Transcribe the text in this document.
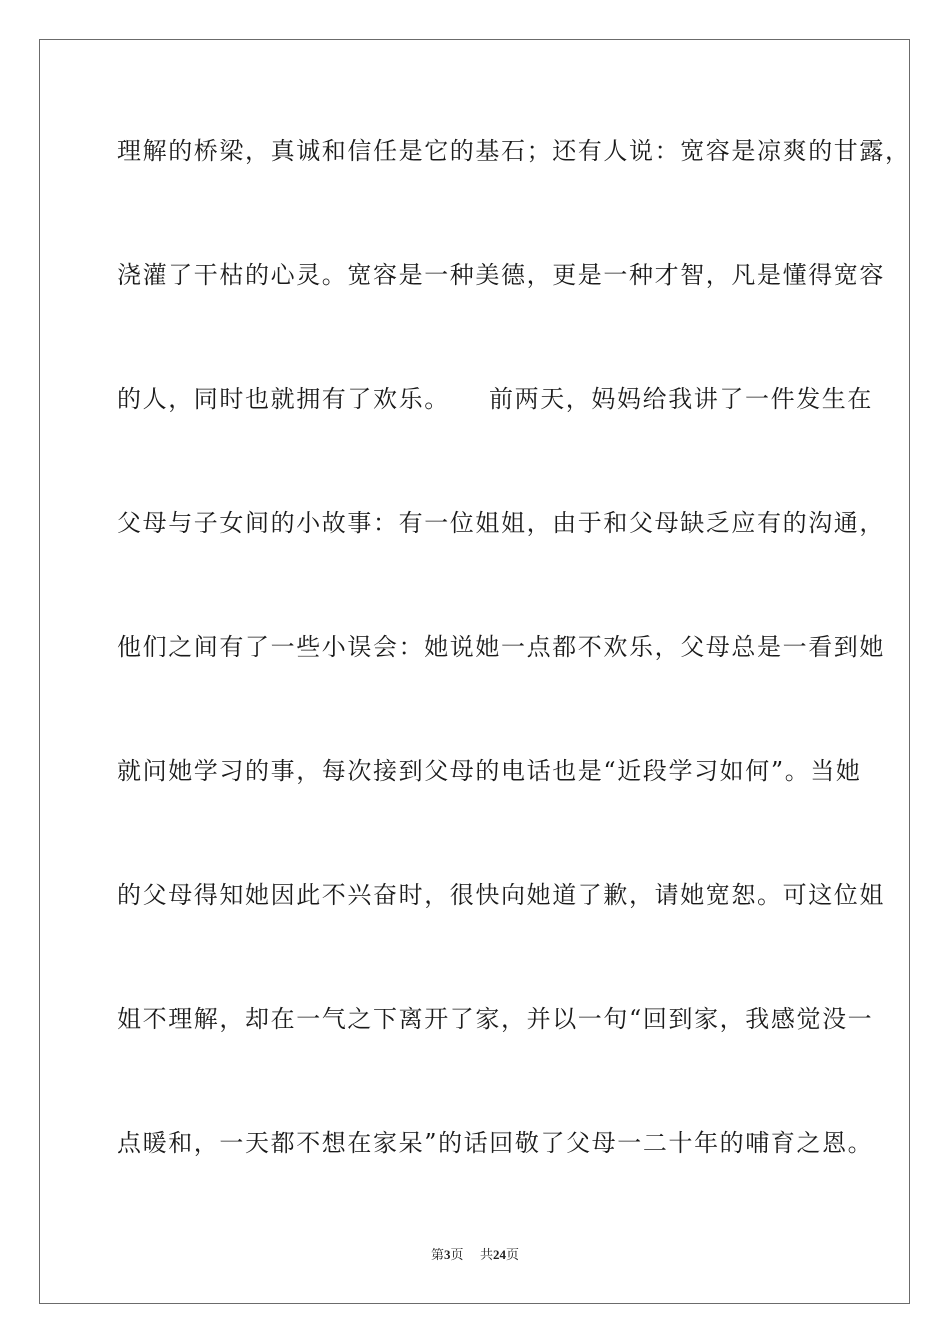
理解的桥梁，真诚和信任是它的基石；还有人说：宽容是凉爽的甘露，
浇灌了干枯的心灵。宽容是一种美德，更是一种才智，凡是懂得宽容
的人，同时也就拥有了欢乐。　　前两天，妈妈给我讲了一件发生在
父母与子女间的小故事：有一位姐姐，由于和父母缺乏应有的沟通，
他们之间有了一些小误会：她说她一点都不欢乐，父母总是一看到她
就问她学习的事，每次接到父母的电话也是“近段学习如何”。当她
的父母得知她因此不兴奋时，很快向她道了歉，请她宽恕。可这位姐
姐不理解，却在一气之下离开了家，并以一句“回到家，我感觉没一
点暖和，一天都不想在家呆”的话回敬了父母一二十年的哺育之恩。
第3页 共24页
